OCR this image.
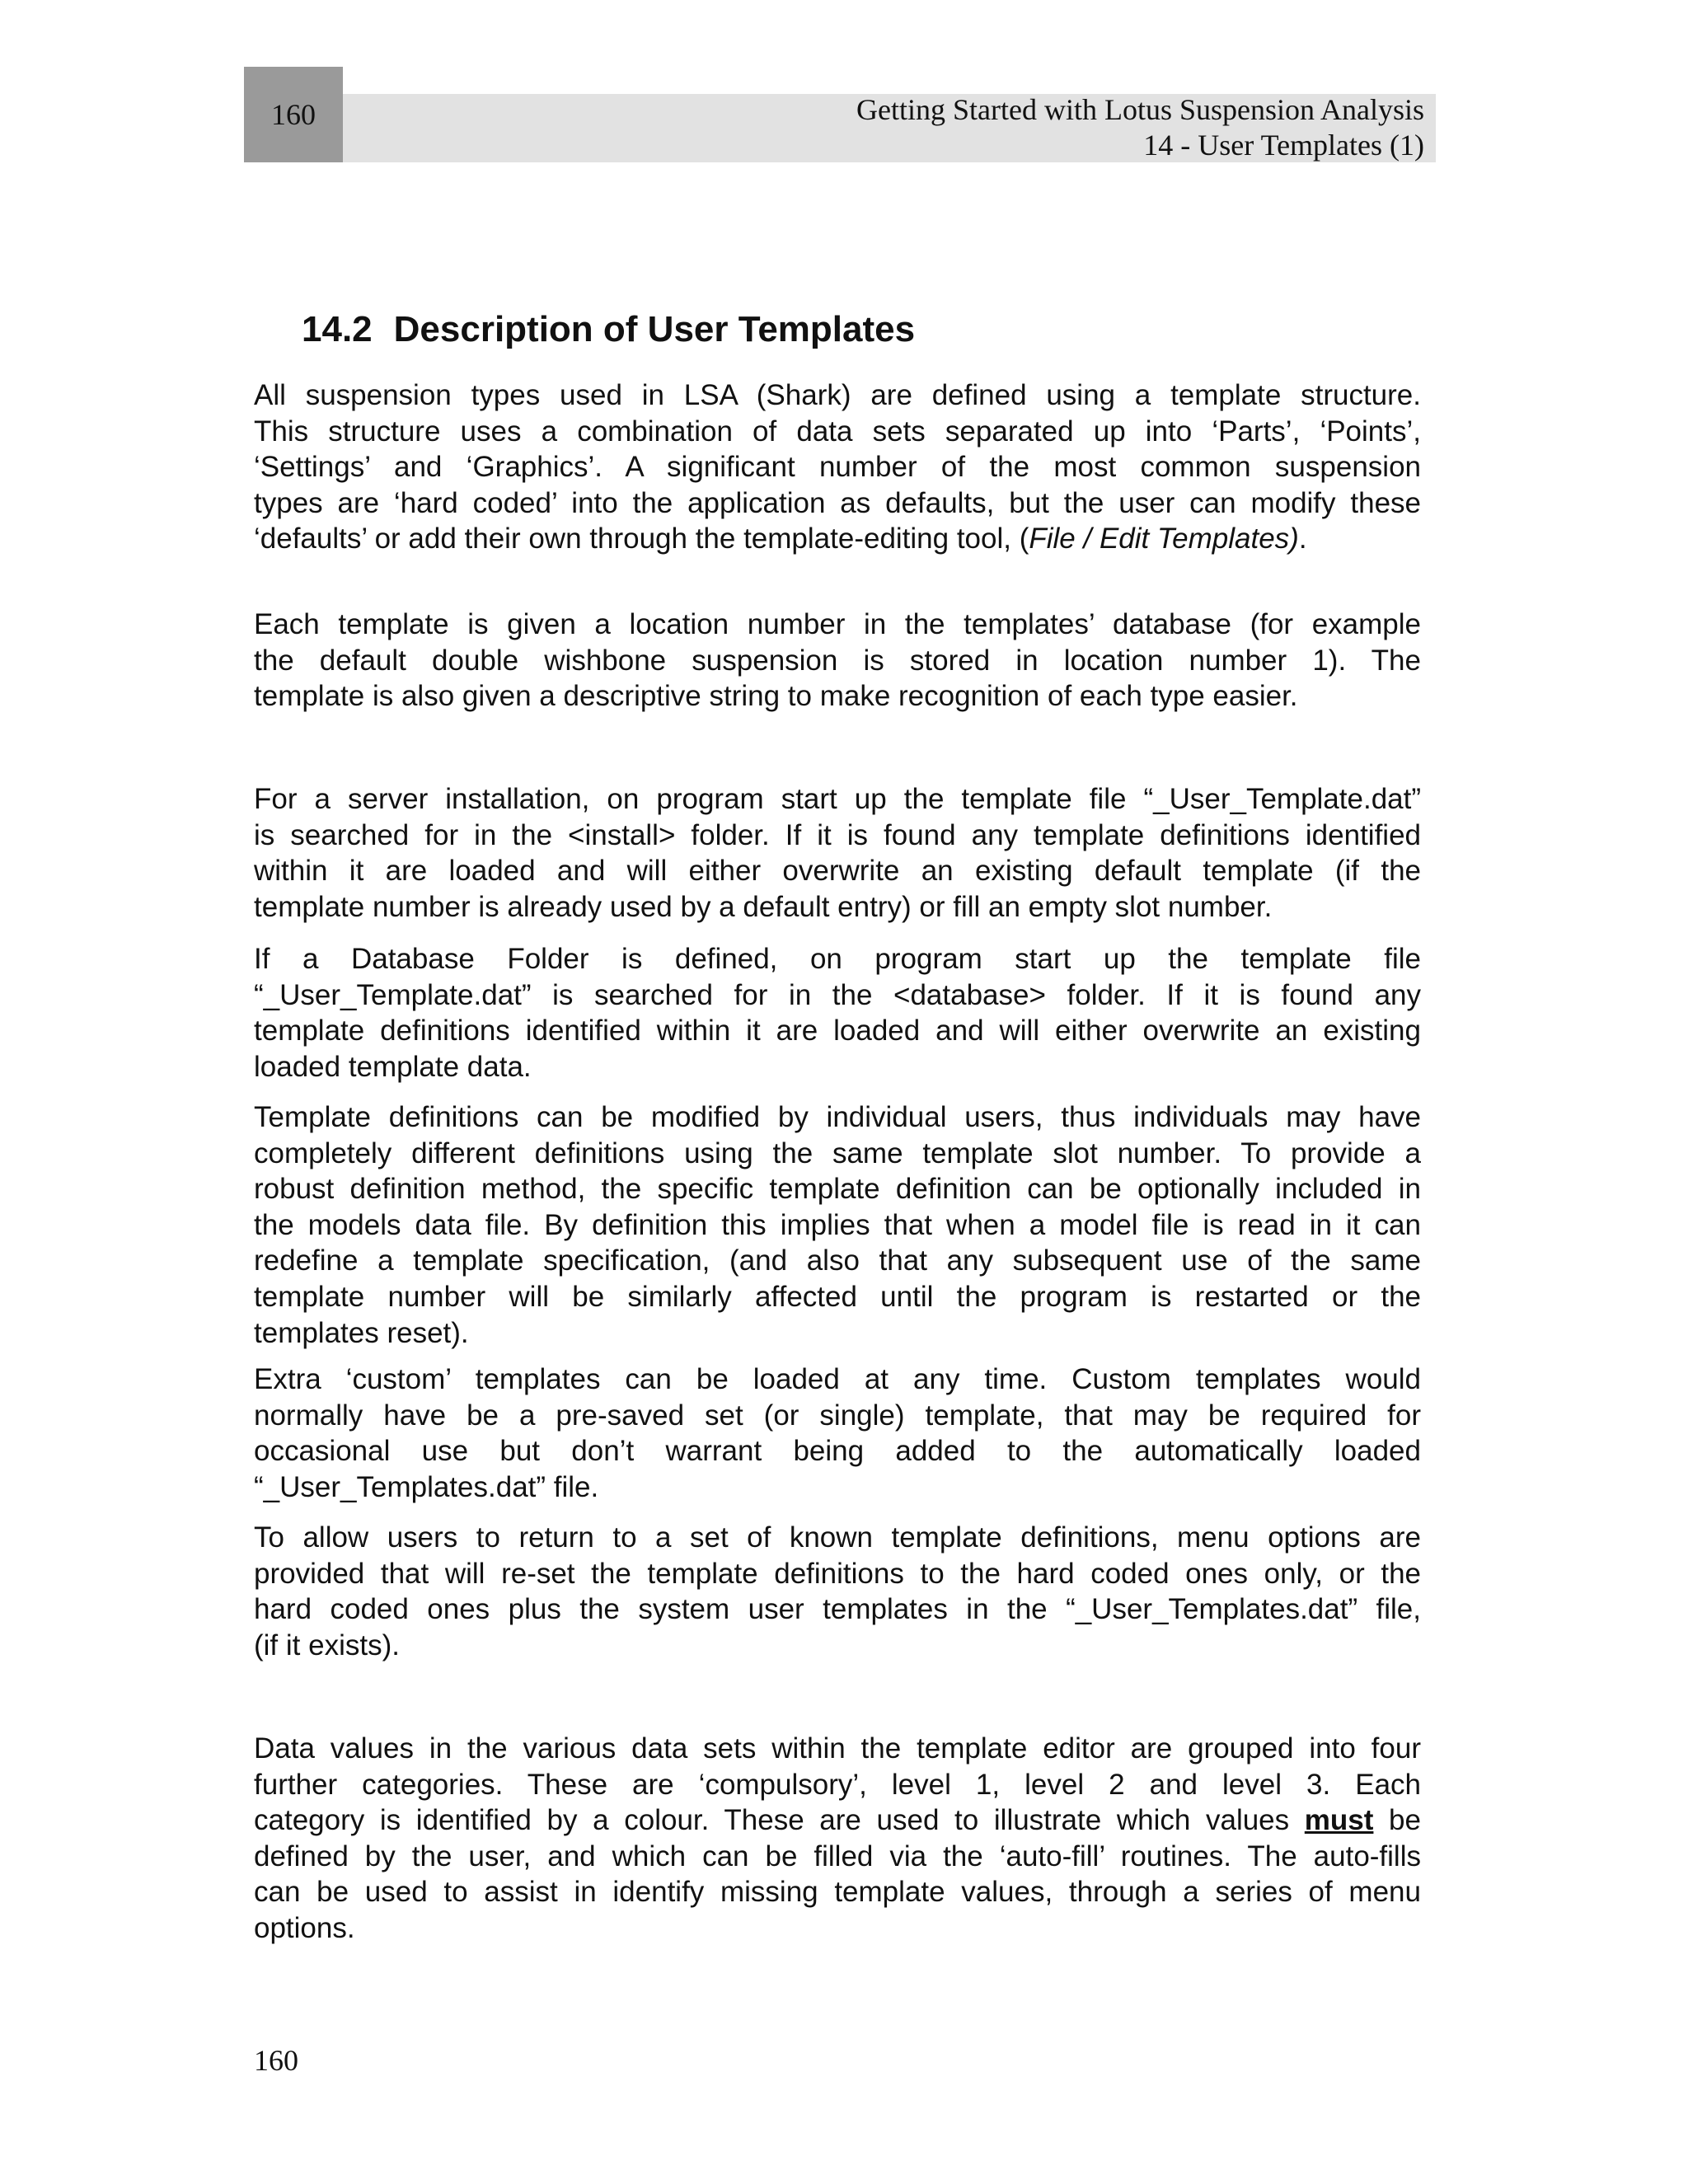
160	Getting Started with Lotus Suspension Analysis
14 - User Templates (1)
14.2 Description of User Templates
All suspension types used in LSA (Shark) are defined using a template structure.
This structure uses a combination of data sets separated up into ‘Parts’, ‘Points’,
‘Settings’ and ‘Graphics’. A significant number of the most common suspension
types are ‘hard coded’ into the application as defaults, but the user can modify these
‘defaults’ or add their own through the template-editing tool, (File / Edit Templates).
Each template is given a location number in the templates’ database (for example
the default double wishbone suspension is stored in location number 1). The
template is also given a descriptive string to make recognition of each type easier.
For a server installation, on program start up the template file “_User_Template.dat”
is searched for in the <install> folder. If it is found any template definitions identified
within it are loaded and will either overwrite an existing default template (if the
template number is already used by a default entry) or fill an empty slot number.
If a Database Folder is defined, on program start up the template file
“_User_Template.dat” is searched for in the <database> folder. If it is found any
template definitions identified within it are loaded and will either overwrite an existing
loaded template data.
Template definitions can be modified by individual users, thus individuals may have
completely different definitions using the same template slot number. To provide a
robust definition method, the specific template definition can be optionally included in
the models data file. By definition this implies that when a model file is read in it can
redefine a template specification, (and also that any subsequent use of the same
template number will be similarly affected until the program is restarted or the
templates reset).
Extra ‘custom’ templates can be loaded at any time. Custom templates would
normally have be a pre-saved set (or single) template, that may be required for
occasional use but don’t warrant being added to the automatically loaded
“_User_Templates.dat” file.
To allow users to return to a set of known template definitions, menu options are
provided that will re-set the template definitions to the hard coded ones only, or the
hard coded ones plus the system user templates in the “_User_Templates.dat” file,
(if it exists).
Data values in the various data sets within the template editor are grouped into four
further categories. These are ‘compulsory’, level 1, level 2 and level 3. Each
category is identified by a colour. These are used to illustrate which values must be
defined by the user, and which can be filled via the ‘auto-fill’ routines. The auto-fills
can be used to assist in identify missing template values, through a series of menu
options.
160
